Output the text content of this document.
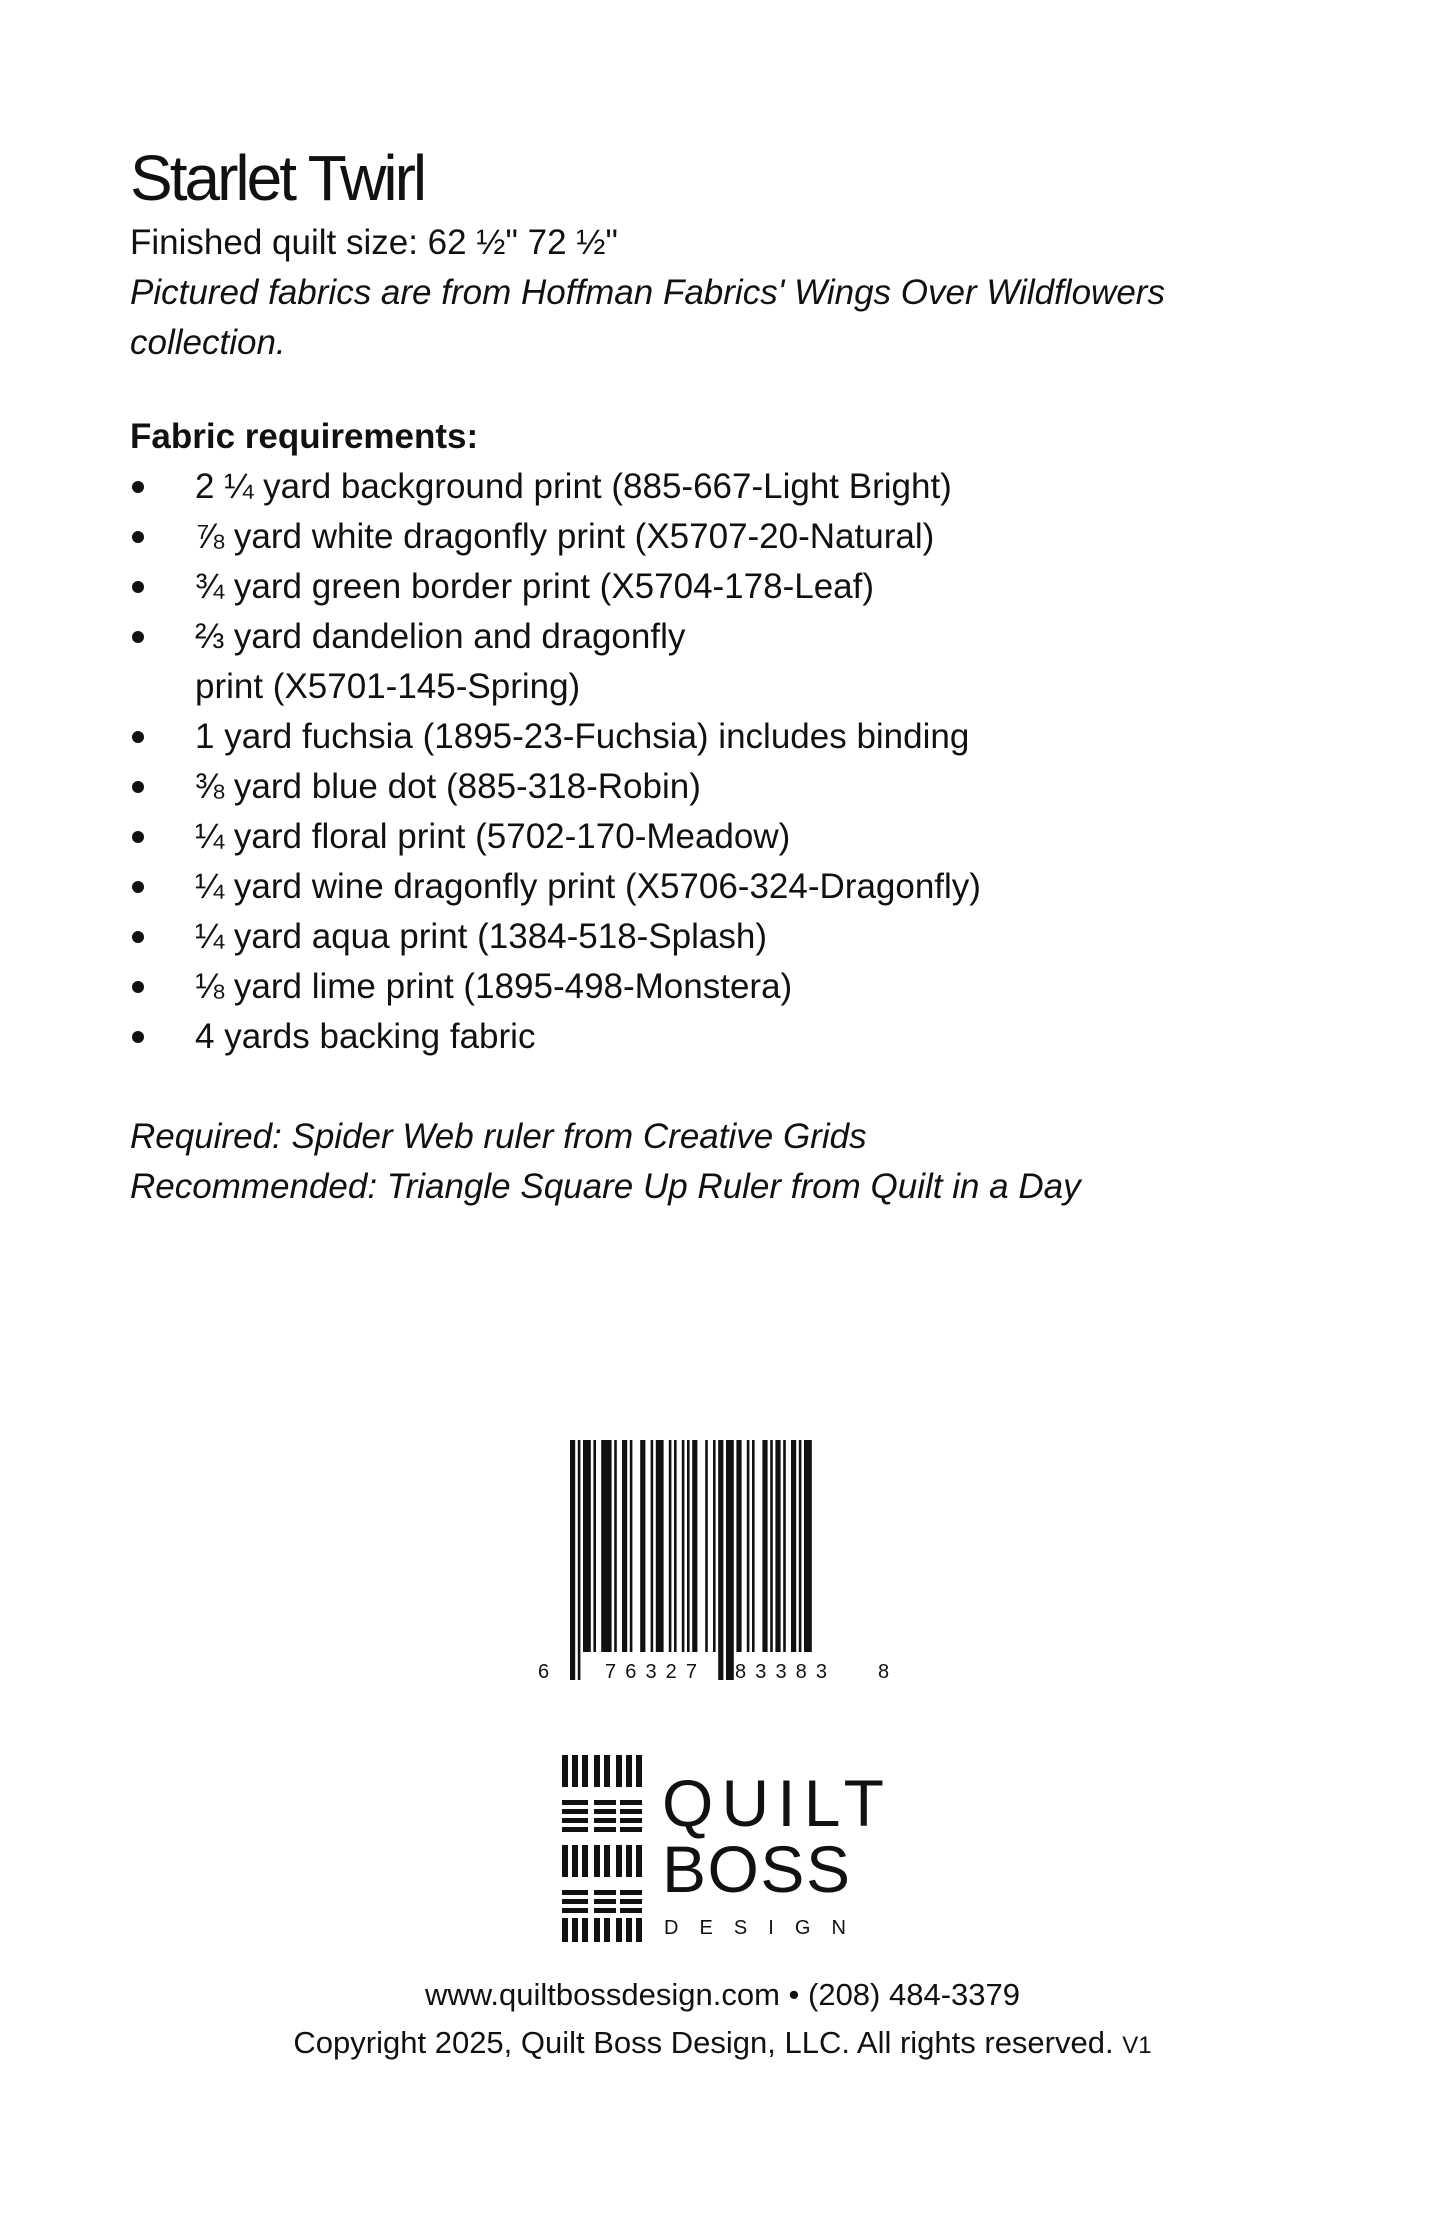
Starlet Twirl
Finished quilt size: 62 ½" 72 ½"
Pictured fabrics are from Hoffman Fabrics' Wings Over Wildflowers collection.
Fabric requirements:
2 ¼ yard background print (885-667-Light Bright)
⅞ yard white dragonfly print (X5707-20-Natural)
¾ yard green border print (X5704-178-Leaf)
⅔ yard dandelion and dragonfly print (X5701-145-Spring)
1 yard fuchsia (1895-23-Fuchsia) includes binding
⅜ yard blue dot (885-318-Robin)
¼ yard floral print (5702-170-Meadow)
¼ yard wine dragonfly print (X5706-324-Dragonfly)
¼ yard aqua print (1384-518-Splash)
⅛ yard lime print (1895-498-Monstera)
4 yards backing fabric
Required: Spider Web ruler from Creative Grids
Recommended: Triangle Square Up Ruler from Quilt in a Day
6	76327 83383	8
QUILT
BOSS
DESIGN
www.quiltbossdesign.com • (208) 484-3379
Copyright 2025, Quilt Boss Design, LLC. All rights reserved. V1
